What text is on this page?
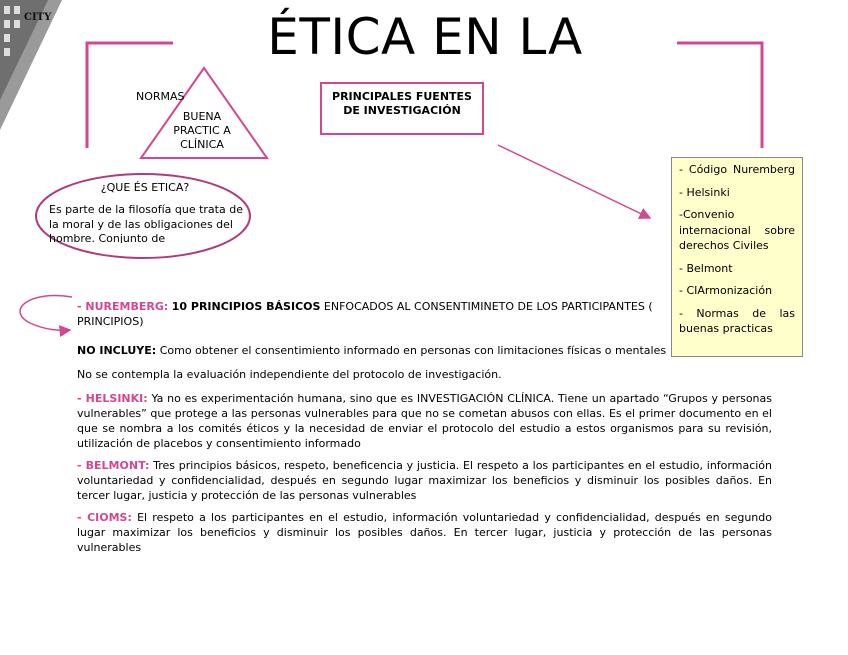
CITY	ÉTICA EN LA
NORMAS
BUENA PRACTIC A CLÍNICA
PRINCIPALES FUENTES DE INVESTIGACIÓN
¿QUE ÉS ETICA?
Es parte de la filosofía que trata de la moral y de las obligaciones del hombre. Conjunto de

- Código Nuremberg

- Helsinki

-Convenio internacional sobre derechos Civiles

- Belmont

- CIArmonización

- Normas de las buenas practicas

- NUREMBERG: 10 PRINCIPIOS BÁSICOS ENFOCADOS AL CONSENTIMINETO DE LOS PARTICIPANTES (
PRINCIPIOS)

NO INCLUYE: Como obtener el consentimiento informado en personas con limitaciones físicas o mentales

No se contempla la evaluación independiente del protocolo de investigación.

- HELSINKI: Ya no es experimentación humana, sino que es INVESTIGACIÓN CLÍNICA. Tiene un apartado “Grupos y personas vulnerables” que protege a las personas vulnerables para que no se cometan abusos con ellas. Es el primer documento en el que se nombra a los comités éticos y la necesidad de enviar el protocolo del estudio a estos organismos para su revisión, utilización de placebos y consentimiento informado

- BELMONT: Tres principios básicos, respeto, beneficencia y justicia. El respeto a los participantes en el estudio, información voluntariedad y confidencialidad, después en segundo lugar maximizar los beneficios y disminuir los posibles daños. En tercer lugar, justicia y protección de las personas vulnerables

- CIOMS: El respeto a los participantes en el estudio, información voluntariedad y confidencialidad, después en segundo lugar maximizar los beneficios y disminuir los posibles daños. En tercer lugar, justicia y protección de las personas vulnerables
